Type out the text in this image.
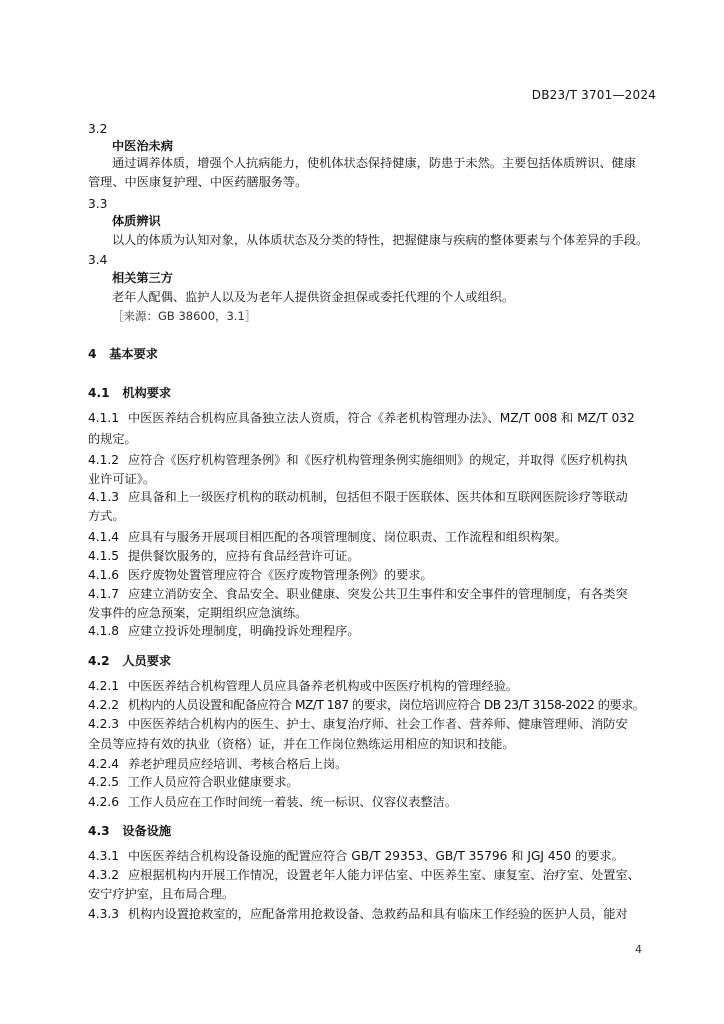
DB23/T 3701—2024
3.2
中医治未病
通过调养体质，增强个人抗病能力，使机体状态保持健康，防患于未然。主要包括体质辨识、健康
管理、中医康复护理、中医药膳服务等。
3.3
体质辨识
以人的体质为认知对象，从体质状态及分类的特性，把握健康与疾病的整体要素与个体差异的手段。
3.4
相关第三方
老年人配偶、监护人以及为老年人提供资金担保或委托代理的个人或组织。
［来源：GB 38600，3.1］
4 基本要求
4.1 机构要求
4.1.1 中医医养结合机构应具备独立法人资质，符合《养老机构管理办法》、MZ/T 008 和 MZ/T 032
的规定。
4.1.2 应符合《医疗机构管理条例》和《医疗机构管理条例实施细则》的规定，并取得《医疗机构执
业许可证》。
4.1.3 应具备和上一级医疗机构的联动机制，包括但不限于医联体、医共体和互联网医院诊疗等联动
方式。
4.1.4 应具有与服务开展项目相匹配的各项管理制度、岗位职责、工作流程和组织构架。
4.1.5 提供餐饮服务的，应持有食品经营许可证。
4.1.6 医疗废物处置管理应符合《医疗废物管理条例》的要求。
4.1.7 应建立消防安全、食品安全、职业健康、突发公共卫生事件和安全事件的管理制度，有各类突
发事件的应急预案，定期组织应急演练。
4.1.8 应建立投诉处理制度，明确投诉处理程序。
4.2 人员要求
4.2.1 中医医养结合机构管理人员应具备养老机构或中医医疗机构的管理经验。
4.2.2 机构内的人员设置和配备应符合 MZ/T 187 的要求，岗位培训应符合 DB 23/T 3158-2022 的要求。
4.2.3 中医医养结合机构内的医生、护士、康复治疗师、社会工作者、营养师、健康管理师、消防安
全员等应持有效的执业（资格）证，并在工作岗位熟练运用相应的知识和技能。
4.2.4 养老护理员应经培训、考核合格后上岗。
4.2.5 工作人员应符合职业健康要求。
4.2.6 工作人员应在工作时间统一着装、统一标识、仪容仪表整洁。
4.3 设备设施
4.3.1 中医医养结合机构设备设施的配置应符合 GB/T 29353、GB/T 35796 和 JGJ 450 的要求。
4.3.2 应根据机构内开展工作情况，设置老年人能力评估室、中医养生室、康复室、治疗室、处置室、
安宁疗护室，且布局合理。
4.3.3 机构内设置抢救室的，应配备常用抢救设备、急救药品和具有临床工作经验的医护人员，能对
4
